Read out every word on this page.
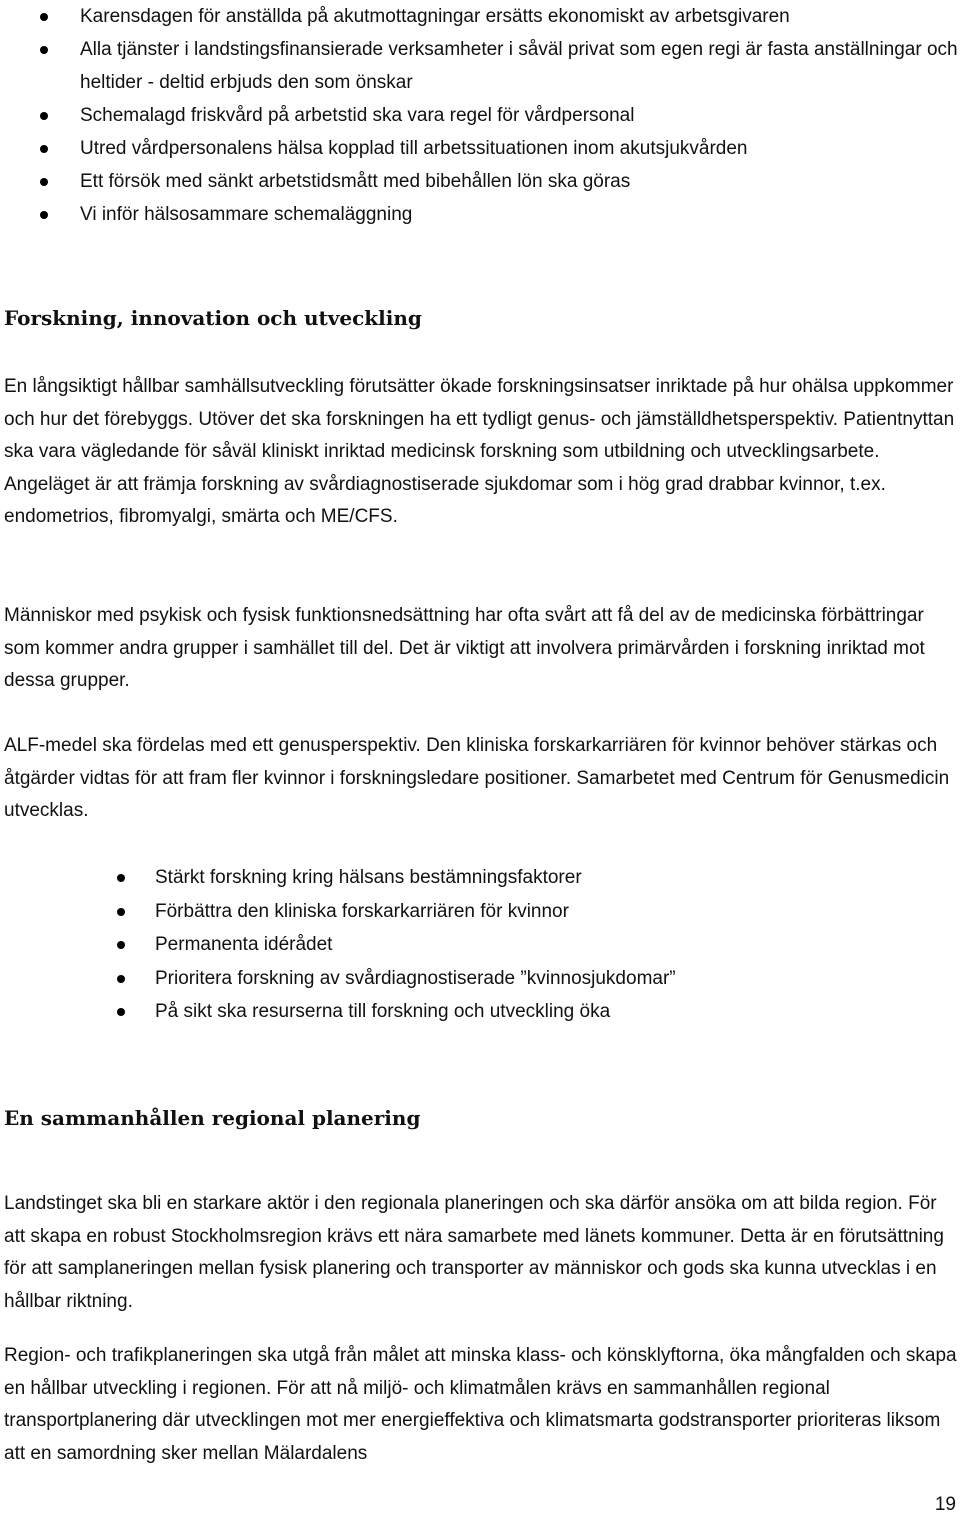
Karensdagen för anställda på akutmottagningar ersätts ekonomiskt av arbetsgivaren
Alla tjänster i landstingsfinansierade verksamheter i såväl privat som egen regi är fasta anställningar och heltider - deltid erbjuds den som önskar
Schemalagd friskvård på arbetstid ska vara regel för vårdpersonal
Utred vårdpersonalens hälsa kopplad till arbetssituationen inom akutsjukvården
Ett försök med sänkt arbetstidsmått med bibehållen lön ska göras
Vi inför hälsosammare schemaläggning
Forskning, innovation och utveckling

En långsiktigt hållbar samhällsutveckling förutsätter ökade forskningsinsatser inriktade på hur ohälsa uppkommer och hur det förebyggs. Utöver det ska forskningen ha ett tydligt genus- och jämställdhetsperspektiv. Patientnyttan ska vara vägledande för såväl kliniskt inriktad medicinsk forskning som utbildning och utvecklingsarbete. Angeläget är att främja forskning av svårdiagnostiserade sjukdomar som i hög grad drabbar kvinnor, t.ex. endometrios, fibromyalgi, smärta och ME/CFS.

Människor med psykisk och fysisk funktionsnedsättning har ofta svårt att få del av de medicinska förbättringar som kommer andra grupper i samhället till del. Det är viktigt att involvera primärvården i forskning inriktad mot dessa grupper.

ALF-medel ska fördelas med ett genusperspektiv. Den kliniska forskarkarriären för kvinnor behöver stärkas och åtgärder vidtas för att fram fler kvinnor i forskningsledare positioner. Samarbetet med Centrum för Genusmedicin utvecklas.

Stärkt forskning kring hälsans bestämningsfaktorer
Förbättra den kliniska forskarkarriären för kvinnor
Permanenta idérådet
Prioritera forskning av svårdiagnostiserade ”kvinnosjukdomar”
På sikt ska resurserna till forskning och utveckling öka
En sammanhållen regional planering

Landstinget ska bli en starkare aktör i den regionala planeringen och ska därför ansöka om att bilda region. För att skapa en robust Stockholmsregion krävs ett nära samarbete med länets kommuner. Detta är en förutsättning för att samplaneringen mellan fysisk planering och transporter av människor och gods ska kunna utvecklas i en hållbar riktning.

Region- och trafikplaneringen ska utgå från målet att minska klass- och könsklyftorna, öka mångfalden och skapa en hållbar utveckling i regionen. För att nå miljö- och klimatmålen krävs en sammanhållen regional transportplanering där utvecklingen mot mer energieffektiva och klimatsmarta godstransporter prioriteras liksom att en samordning sker mellan Mälardalens

19
